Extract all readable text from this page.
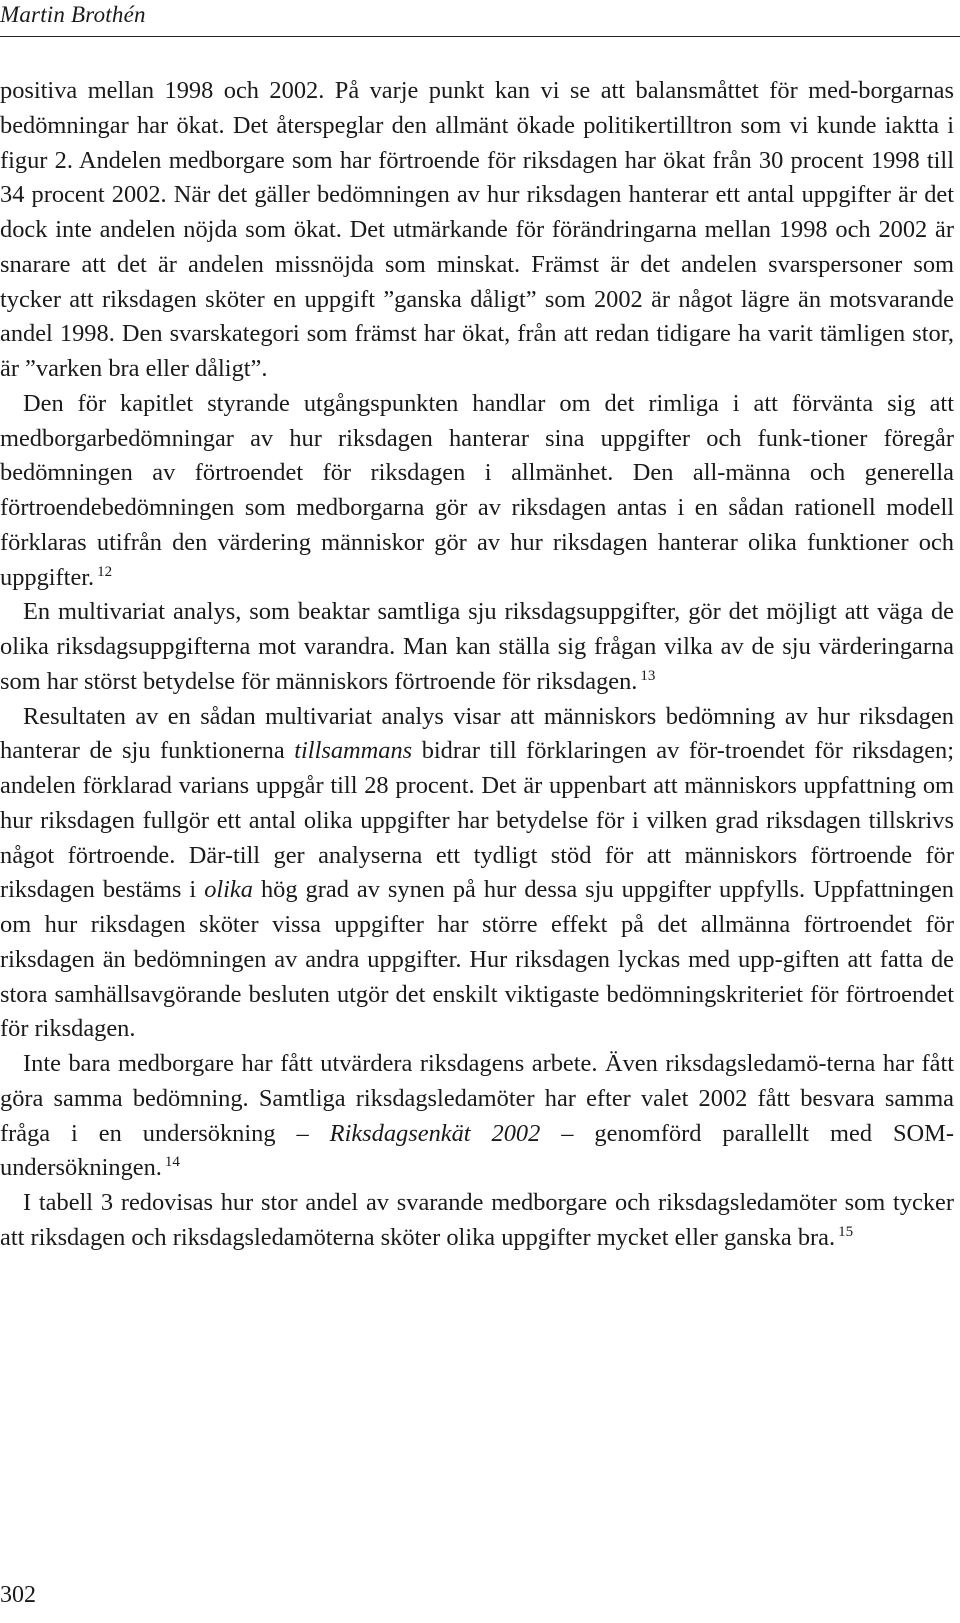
Martin Brothén

positiva mellan 1998 och 2002. På varje punkt kan vi se att balansmåttet för med-borgarnas bedömningar har ökat. Det återspeglar den allmänt ökade politikertilltron som vi kunde iaktta i figur 2. Andelen medborgare som har förtroende för riksdagen har ökat från 30 procent 1998 till 34 procent 2002. När det gäller bedömningen av hur riksdagen hanterar ett antal uppgifter är det dock inte andelen nöjda som ökat. Det utmärkande för förändringarna mellan 1998 och 2002 är snarare att det är andelen missnöjda som minskat. Främst är det andelen svarspersoner som tycker att riksdagen sköter en uppgift ”ganska dåligt” som 2002 är något lägre än motsvarande andel 1998. Den svarskategori som främst har ökat, från att redan tidigare ha varit tämligen stor, är ”varken bra eller dåligt”.

Den för kapitlet styrande utgångspunkten handlar om det rimliga i att förvänta sig att medborgarbedömningar av hur riksdagen hanterar sina uppgifter och funk-tioner föregår bedömningen av förtroendet för riksdagen i allmänhet. Den all-männa och generella förtroendebedömningen som medborgarna gör av riksdagen antas i en sådan rationell modell förklaras utifrån den värdering människor gör av hur riksdagen hanterar olika funktioner och uppgifter. $^{12}$

En multivariat analys, som beaktar samtliga sju riksdagsuppgifter, gör det möjligt att väga de olika riksdagsuppgifterna mot varandra. Man kan ställa sig frågan vilka av de sju värderingarna som har störst betydelse för människors förtroende för riksdagen. $^{13}$

Resultaten av en sådan multivariat analys visar att människors bedömning av hur riksdagen hanterar de sju funktionerna tillsammans bidrar till förklaringen av för-troendet för riksdagen; andelen förklarad varians uppgår till 28 procent. Det är uppenbart att människors uppfattning om hur riksdagen fullgör ett antal olika uppgifter har betydelse för i vilken grad riksdagen tillskrivs något förtroende. Där-till ger analyserna ett tydligt stöd för att människors förtroende för riksdagen bestäms i olika hög grad av synen på hur dessa sju uppgifter uppfylls. Uppfattningen om hur riksdagen sköter vissa uppgifter har större effekt på det allmänna förtroendet för riksdagen än bedömningen av andra uppgifter. Hur riksdagen lyckas med upp-giften att fatta de stora samhällsavgörande besluten utgör det enskilt viktigaste bedömningskriteriet för förtroendet för riksdagen.

Inte bara medborgare har fått utvärdera riksdagens arbete. Även riksdagsledamö-terna har fått göra samma bedömning. Samtliga riksdagsledamöter har efter valet 2002 fått besvara samma fråga i en undersökning – Riksdagsenkät 2002 – genomförd parallellt med SOM-undersökningen. $^{14}$

I tabell 3 redovisas hur stor andel av svarande medborgare och riksdagsledamöter som tycker att riksdagen och riksdagsledamöterna sköter olika uppgifter mycket eller ganska bra. $^{15}$

302
